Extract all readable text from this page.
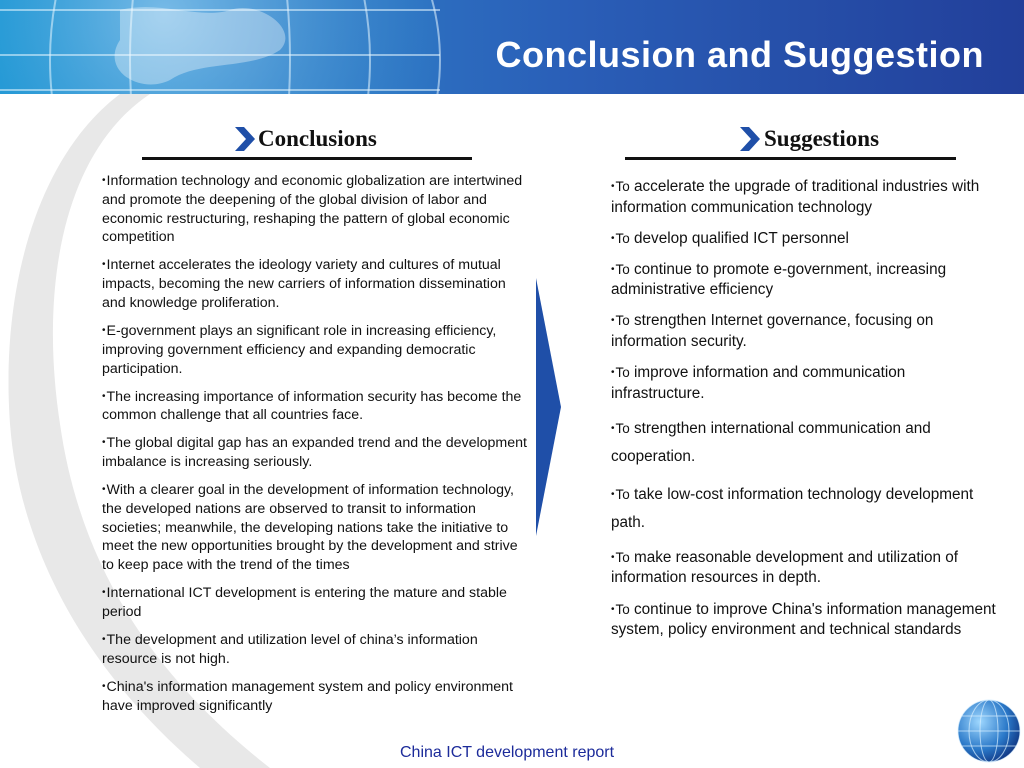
Conclusion and Suggestion
Conclusions	Suggestions
•Information technology and economic globalization are intertwined and promote the deepening of the global division of labor and economic restructuring, reshaping the pattern of global economic competition
•Internet accelerates the ideology variety and cultures of mutual impacts, becoming the new carriers of information dissemination and knowledge proliferation.
•E-government plays an significant role in increasing efficiency, improving government efficiency and expanding democratic participation.
•The increasing importance of information security has become the common challenge that all countries face.
•The global digital gap has an expanded trend and the development imbalance is increasing seriously.
•With a clearer goal in the development of information technology, the developed nations are observed to transit to information societies; meanwhile, the developing nations take the initiative to meet the new opportunities brought by the development and strive to keep pace with the trend of the times
•International ICT development is entering the mature and stable period
•The development and utilization level of china’s information resource is not high.
•China's information management system and policy environment have improved significantly
•To accelerate the upgrade of traditional industries with information communication technology
•To develop qualified ICT personnel
•To continue to promote e-government, increasing administrative efficiency
•To strengthen Internet governance, focusing on information security.
•To improve information and communication infrastructure.
•To strengthen international communication and cooperation.
•To take low-cost information technology development path.
•To make reasonable development and utilization of information resources in depth.
•To continue to improve China's information management system, policy environment and technical standards
China ICT development report
